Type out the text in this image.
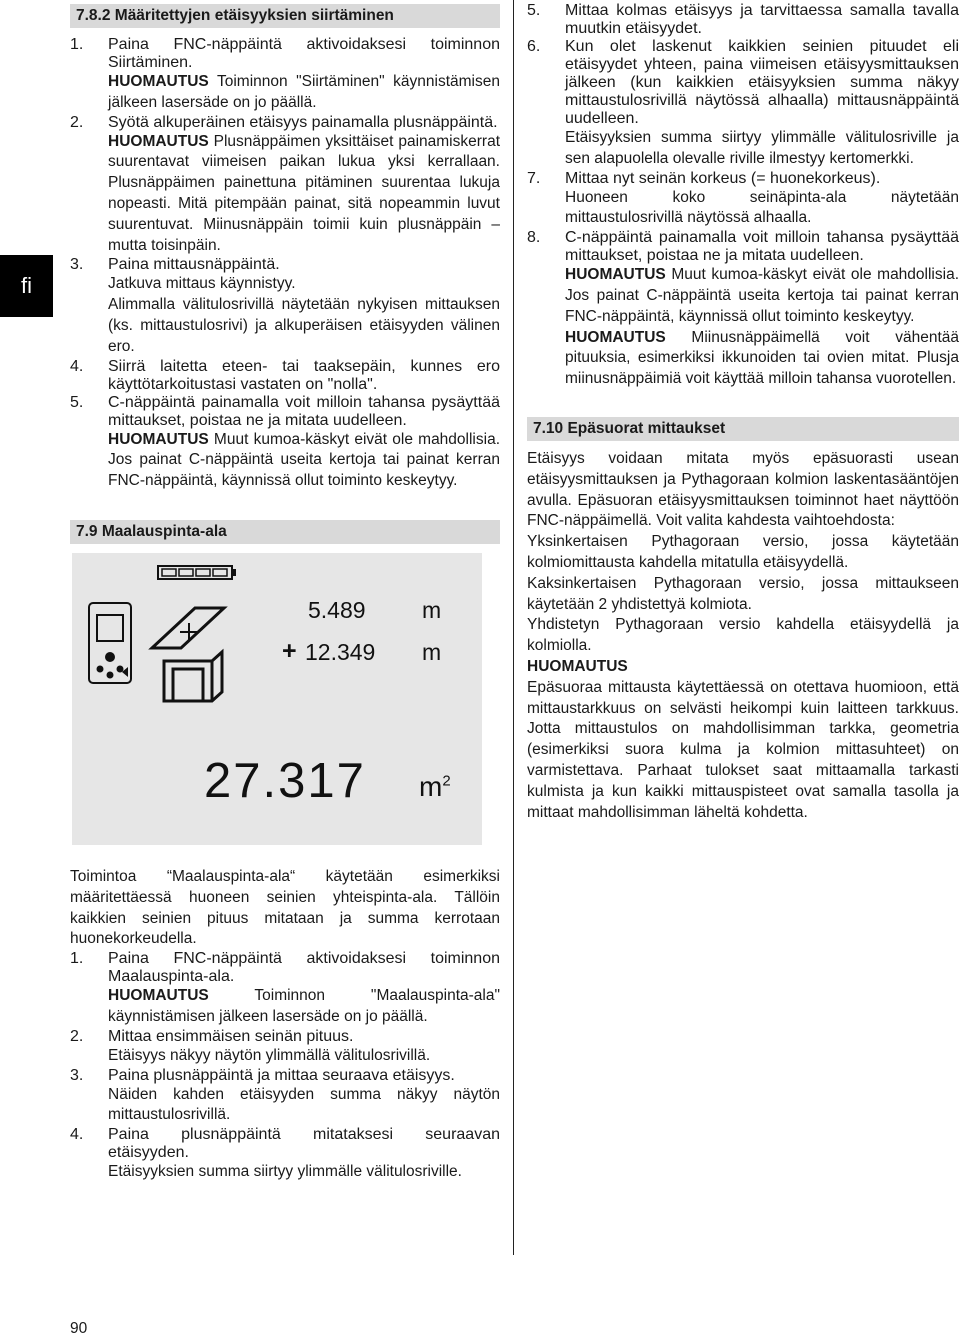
fi
7.8.2 Määritettyjen etäisyyksien siirtäminen
1.	Paina FNC-näppäintä aktivoidaksesi toiminnon Siirtäminen.

HUOMAUTUS Toiminnon "Siirtäminen" käynnistämisen jälkeen lasersäde on jo päällä.

2.	Syötä alkuperäinen etäisyys painamalla plusnäppäintä.

HUOMAUTUS Plusnäppäimen yksittäiset painamiskerrat suurentavat viimeisen paikan lukua yksi kerrallaan. Plusnäppäimen painettuna pitäminen suurentaa lukuja nopeasti. Mitä pitempään painat, sitä nopeammin luvut suurentuvat. Miinusnäppäin toimii kuin plusnäppäin – mutta toisinpäin.

3.	Paina mittausnäppäintä.

Jatkuva mittaus käynnistyy.

Alimmalla välitulosrivillä näytetään nykyisen mittauksen (ks. mittaustulosrivi) ja alkuperäisen etäisyyden välinen ero.

4.	Siirrä laitetta eteen- tai taaksepäin, kunnes ero käyttötarkoitustasi vastaten on "nolla".
5.	C-näppäintä painamalla voit milloin tahansa pysäyttää mittaukset, poistaa ne ja mitata uudelleen.

HUOMAUTUS Muut kumoa-käskyt eivät ole mahdollisia. Jos painat C-näppäintä useita kertoja tai painat kerran FNC-näppäintä, käynnissä ollut toiminto keskeytyy.

7.9 Maalauspinta-ala
5.489 m
+ 12.349 m
27.317 $m^2$

Toimintoa “Maalauspinta-ala“ käytetään esimerkiksi määritettäessä huoneen seinien yhteispinta-ala. Tällöin kaikkien seinien pituus mitataan ja summa kerrotaan huonekorkeudella.

1.	Paina FNC-näppäintä aktivoidaksesi toiminnon Maalauspinta-ala.

HUOMAUTUS Toiminnon "Maalauspinta-ala" käynnistämisen jälkeen lasersäde on jo päällä.

2.	Mittaa ensimmäisen seinän pituus.

Etäisyys näkyy näytön ylimmällä välitulosrivillä.

3.	Paina plusnäppäintä ja mittaa seuraava etäisyys.

Näiden kahden etäisyyden summa näkyy näytön mittaustulosrivillä.

4.	Paina plusnäppäintä mitataksesi seuraavan etäisyyden.

Etäisyyksien summa siirtyy ylimmälle välitulosriville.

5.	Mittaa kolmas etäisyys ja tarvittaessa samalla tavalla muutkin etäisyydet.
6.	Kun olet laskenut kaikkien seinien pituudet eli etäisyydet yhteen, paina viimeisen etäisyysmittauksen jälkeen (kun kaikkien etäisyyksien summa näkyy mittaustulosrivillä näytössä alhaalla) mittausnäppäintä uudelleen.

Etäisyyksien summa siirtyy ylimmälle välitulosriville ja sen alapuolella olevalle riville ilmestyy kertomerkki.

7.	Mittaa nyt seinän korkeus (= huonekorkeus).

Huoneen koko seinäpinta-ala näytetään mittaustulosrivillä näytössä alhaalla.

8.	C-näppäintä painamalla voit milloin tahansa pysäyttää mittaukset, poistaa ne ja mitata uudelleen.

HUOMAUTUS Muut kumoa-käskyt eivät ole mahdollisia. Jos painat C-näppäintä useita kertoja tai painat kerran FNC-näppäintä, käynnissä ollut toiminto keskeytyy.

HUOMAUTUS Miinusnäppäimellä voit vähentää pituuksia, esimerkiksi ikkunoiden tai ovien mitat. Plusja miinusnäppäimiä voit käyttää milloin tahansa vuorotellen.

7.10 Epäsuorat mittaukset

Etäisyys voidaan mitata myös epäsuorasti usean etäisyysmittauksen ja Pythagoraan kolmion laskentasääntöjen avulla. Epäsuoran etäisyysmittauksen toiminnot haet näyttöön FNC-näppäimellä. Voit valita kahdesta vaihtoehdosta:

Yksinkertaisen Pythagoraan versio, jossa käytetään kolmiomittausta kahdella mitatulla etäisyydellä.

Kaksinkertaisen Pythagoraan versio, jossa mittaukseen käytetään 2 yhdistettyä kolmiota.

Yhdistetyn Pythagoraan versio kahdella etäisyydellä ja kolmiolla.

HUOMAUTUS

Epäsuoraa mittausta käytettäessä on otettava huomioon, että mittaustarkkuus on selvästi heikompi kuin laitteen tarkkuus. Jotta mittaustulos on mahdollisimman tarkka, geometria (esimerkiksi suora kulma ja kolmion mittasuhteet) on varmistettava. Parhaat tulokset saat mittaamalla tarkasti kulmista ja kun kaikki mittauspisteet ovat samalla tasolla ja mittaat mahdollisimman läheltä kohdetta.

90
